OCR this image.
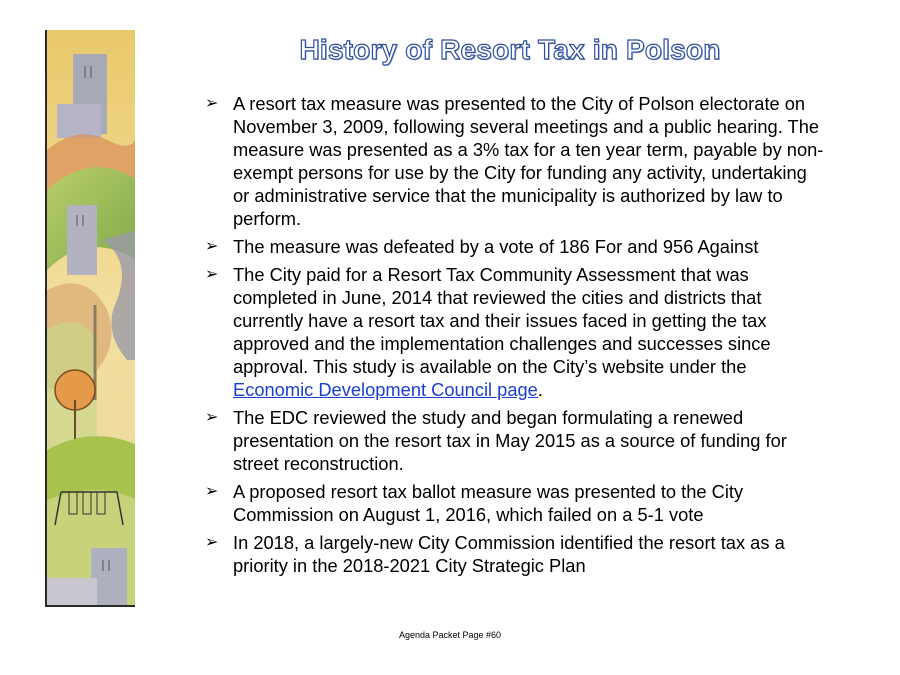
History of Resort Tax in Polson
➢ A resort tax measure was presented to the City of Polson electorate on November 3, 2009, following several meetings and a public hearing. The measure was presented as a 3% tax for a ten year term, payable by non-exempt persons for use by the City for funding any activity, undertaking or administrative service that the municipality is authorized by law to perform.
➢ The measure was defeated by a vote of 186 For and 956 Against
➢ The City paid for a Resort Tax Community Assessment that was completed in June, 2014 that reviewed the cities and districts that currently have a resort tax and their issues faced in getting the tax approved and the implementation challenges and successes since approval. This study is available on the City’s website under the Economic Development Council page.
➢ The EDC reviewed the study and began formulating a renewed presentation on the resort tax in May 2015 as a source of funding for street reconstruction.
➢ A proposed resort tax ballot measure was presented to the City Commission on August 1, 2016, which failed on a 5-1 vote
➢ In 2018, a largely-new City Commission identified the resort tax as a priority in the 2018-2021 City Strategic Plan
Agenda Packet Page #60
